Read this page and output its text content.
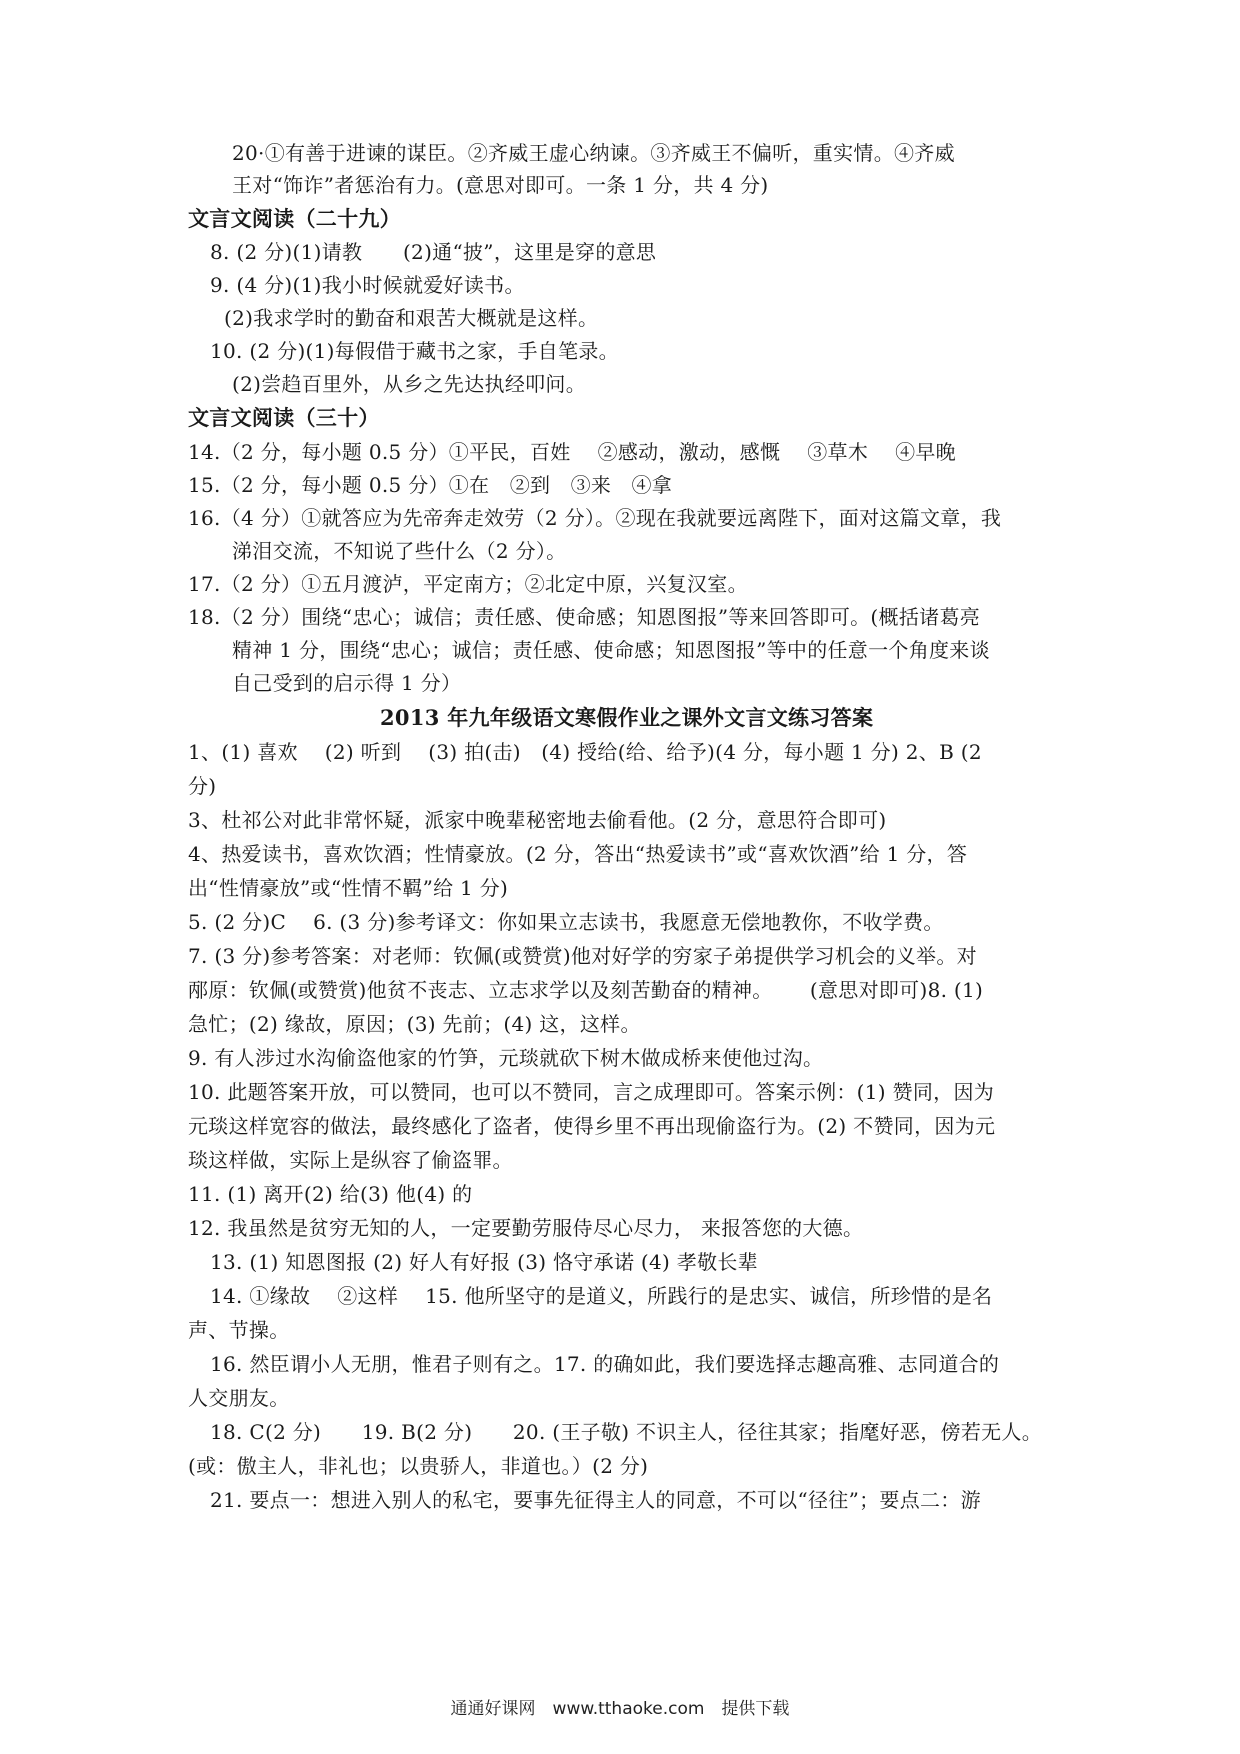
20·①有善于进谏的谋臣。②齐威王虚心纳谏。③齐威王不偏听，重实情。④齐威
王对“饰诈”者惩治有力。(意思对即可。一条 1 分，共 4 分)
文言文阅读（二十九）
8. (2 分)(1)请教　　(2)通“披”，这里是穿的意思
9. (4 分)(1)我小时候就爱好读书。
(2)我求学时的勤奋和艰苦大概就是这样。
10. (2 分)(1)每假借于藏书之家，手自笔录。
(2)尝趋百里外，从乡之先达执经叩问。
文言文阅读（三十）
14.（2 分，每小题 0.5 分）①平民，百姓　 ②感动，激动，感慨　 ③草木　 ④早晚
15.（2 分，每小题 0.5 分）①在　②到　③来　④拿
16.（4 分）①就答应为先帝奔走效劳（2 分）。②现在我就要远离陛下，面对这篇文章，我
涕泪交流，不知说了些什么（2 分）。
17.（2 分）①五月渡泸，平定南方；②北定中原，兴复汉室。
18.（2 分）围绕“忠心；诚信；责任感、使命感；知恩图报”等来回答即可。(概括诸葛亮
精神 1 分，围绕“忠心；诚信；责任感、使命感；知恩图报”等中的任意一个角度来谈
自己受到的启示得 1 分）
2013 年九年级语文寒假作业之课外文言文练习答案
1、(1) 喜欢　 (2) 听到　 (3) 拍(击)　(4) 授给(给、给予)(4 分，每小题 1 分) 2、B (2
分)
3、杜祁公对此非常怀疑，派家中晚辈秘密地去偷看他。(2 分，意思符合即可)
4、热爱读书，喜欢饮酒；性情豪放。(2 分，答出“热爱读书”或“喜欢饮酒”给 1 分，答
出“性情豪放”或“性情不羁”给 1 分)
5. (2 分)C　 6. (3 分)参考译文：你如果立志读书，我愿意无偿地教你，不收学费。
7. (3 分)参考答案：对老师：钦佩(或赞赏)他对好学的穷家子弟提供学习机会的义举。对
邴原：钦佩(或赞赏)他贫不丧志、立志求学以及刻苦勤奋的精神。　　 (意思对即可)8. (1)
急忙；(2) 缘故，原因；(3) 先前；(4) 这，这样。
9. 有人涉过水沟偷盗他家的竹笋，元琰就砍下树木做成桥来使他过沟。
10. 此题答案开放，可以赞同，也可以不赞同，言之成理即可。答案示例：(1) 赞同，因为
元琰这样宽容的做法，最终感化了盗者，使得乡里不再出现偷盗行为。(2) 不赞同，因为元
琰这样做，实际上是纵容了偷盗罪。
11. (1) 离开(2) 给(3) 他(4) 的
12. 我虽然是贫穷无知的人，一定要勤劳服侍尽心尽力， 来报答您的大德。
13. (1) 知恩图报 (2) 好人有好报 (3) 恪守承诺 (4) 孝敬长辈
14. ①缘故　 ②这样　 15. 他所坚守的是道义，所践行的是忠实、诚信，所珍惜的是名
声、节操。
16. 然臣谓小人无朋，惟君子则有之。17. 的确如此，我们要选择志趣高雅、志同道合的
人交朋友。
18. C(2 分)　　19. B(2 分)　　20. (王子敬) 不识主人，径往其家；指麾好恶，傍若无人。
(或：傲主人，非礼也；以贵骄人，非道也。）(2 分)
21. 要点一：想进入别人的私宅，要事先征得主人的同意，不可以“径往”；要点二：游
通通好课网　www.tthaoke.com　提供下载
